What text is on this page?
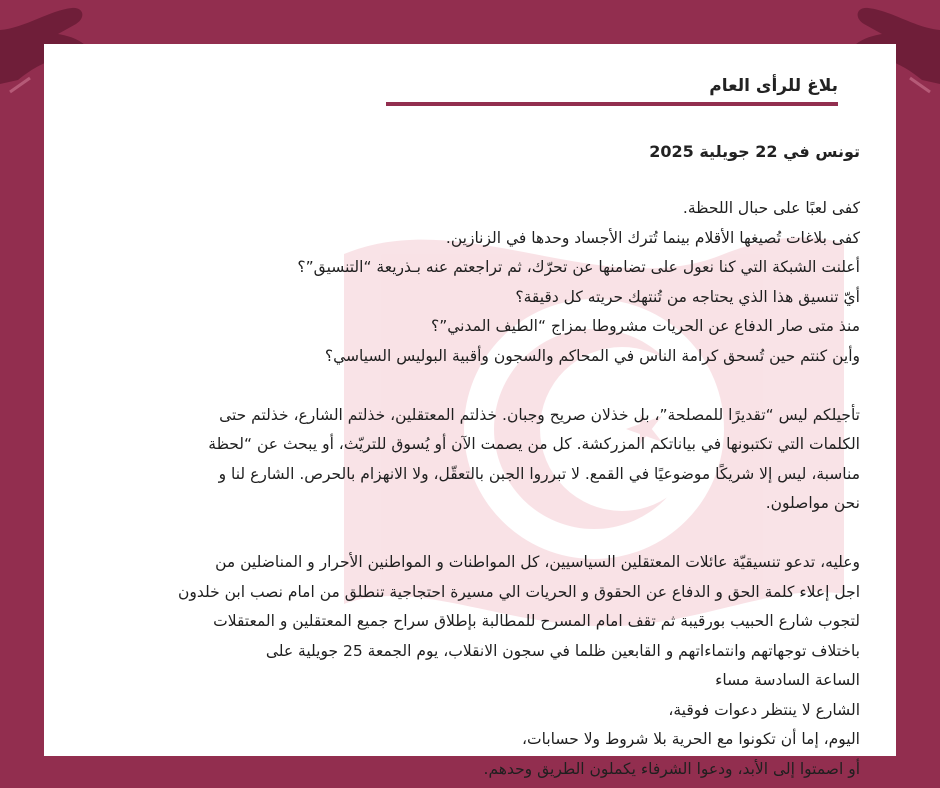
بلاغ للرأى العام
تونس في 22 جويلية 2025
كفى لعبًا على حبال اللحظة.
كفى بلاغات تُصيغها الأقلام بينما تُترك الأجساد وحدها في الزنازين.
أعلنت الشبكة التي كنا نعول على تضامنها عن تحرّك، ثم تراجعتم عنه بـذريعة “التنسيق”؟
أيّ تنسيق هذا الذي يحتاجه من تُنتهك حريته كل دقيقة؟
منذ متى صار الدفاع عن الحريات مشروطا بمزاج “الطيف المدني”؟
وأين كنتم حين تُسحق كرامة الناس في المحاكم والسجون وأقبية البوليس السياسي؟
تأجيلكم ليس “تقديرًا للمصلحة”، بل خذلان صريح وجبان. خذلتم المعتقلين، خذلتم الشارع، خذلتم حتى
الكلمات التي تكتبونها في بياناتكم المزركشة. كل من يصمت الآن أو يُسوق للتريّث، أو يبحث عن “لحظة
مناسبة، ليس إلا شريكًا موضوعيًا في القمع. لا تبرروا الجبن بالتعقّل، ولا الانهزام بالحرص. الشارع لنا و
نحن مواصلون.
وعليه، تدعو تنسيقيّة عائلات المعتقلين السياسيين، كل المواطنات و المواطنين الأحرار و المناضلين من
اجل إعلاء كلمة الحق و الدفاع عن الحقوق و الحريات الي مسيرة احتجاجية تنطلق من امام نصب ابن خلدون
لتجوب شارع الحبيب بورقيبة ثم تقف امام المسرح للمطالبة بإطلاق سراح جميع المعتقلين و المعتقلات
باختلاف توجهاتهم وانتماءاتهم و القابعين ظلما في سجون الانقلاب، يوم الجمعة 25 جويلية على
الساعة السادسة مساء
الشارع لا ينتظر دعوات فوقية،
اليوم، إما أن تكونوا مع الحرية بلا شروط ولا حسابات،
أو اصمتوا إلى الأبد، ودعوا الشرفاء يكملون الطريق وحدهم.
